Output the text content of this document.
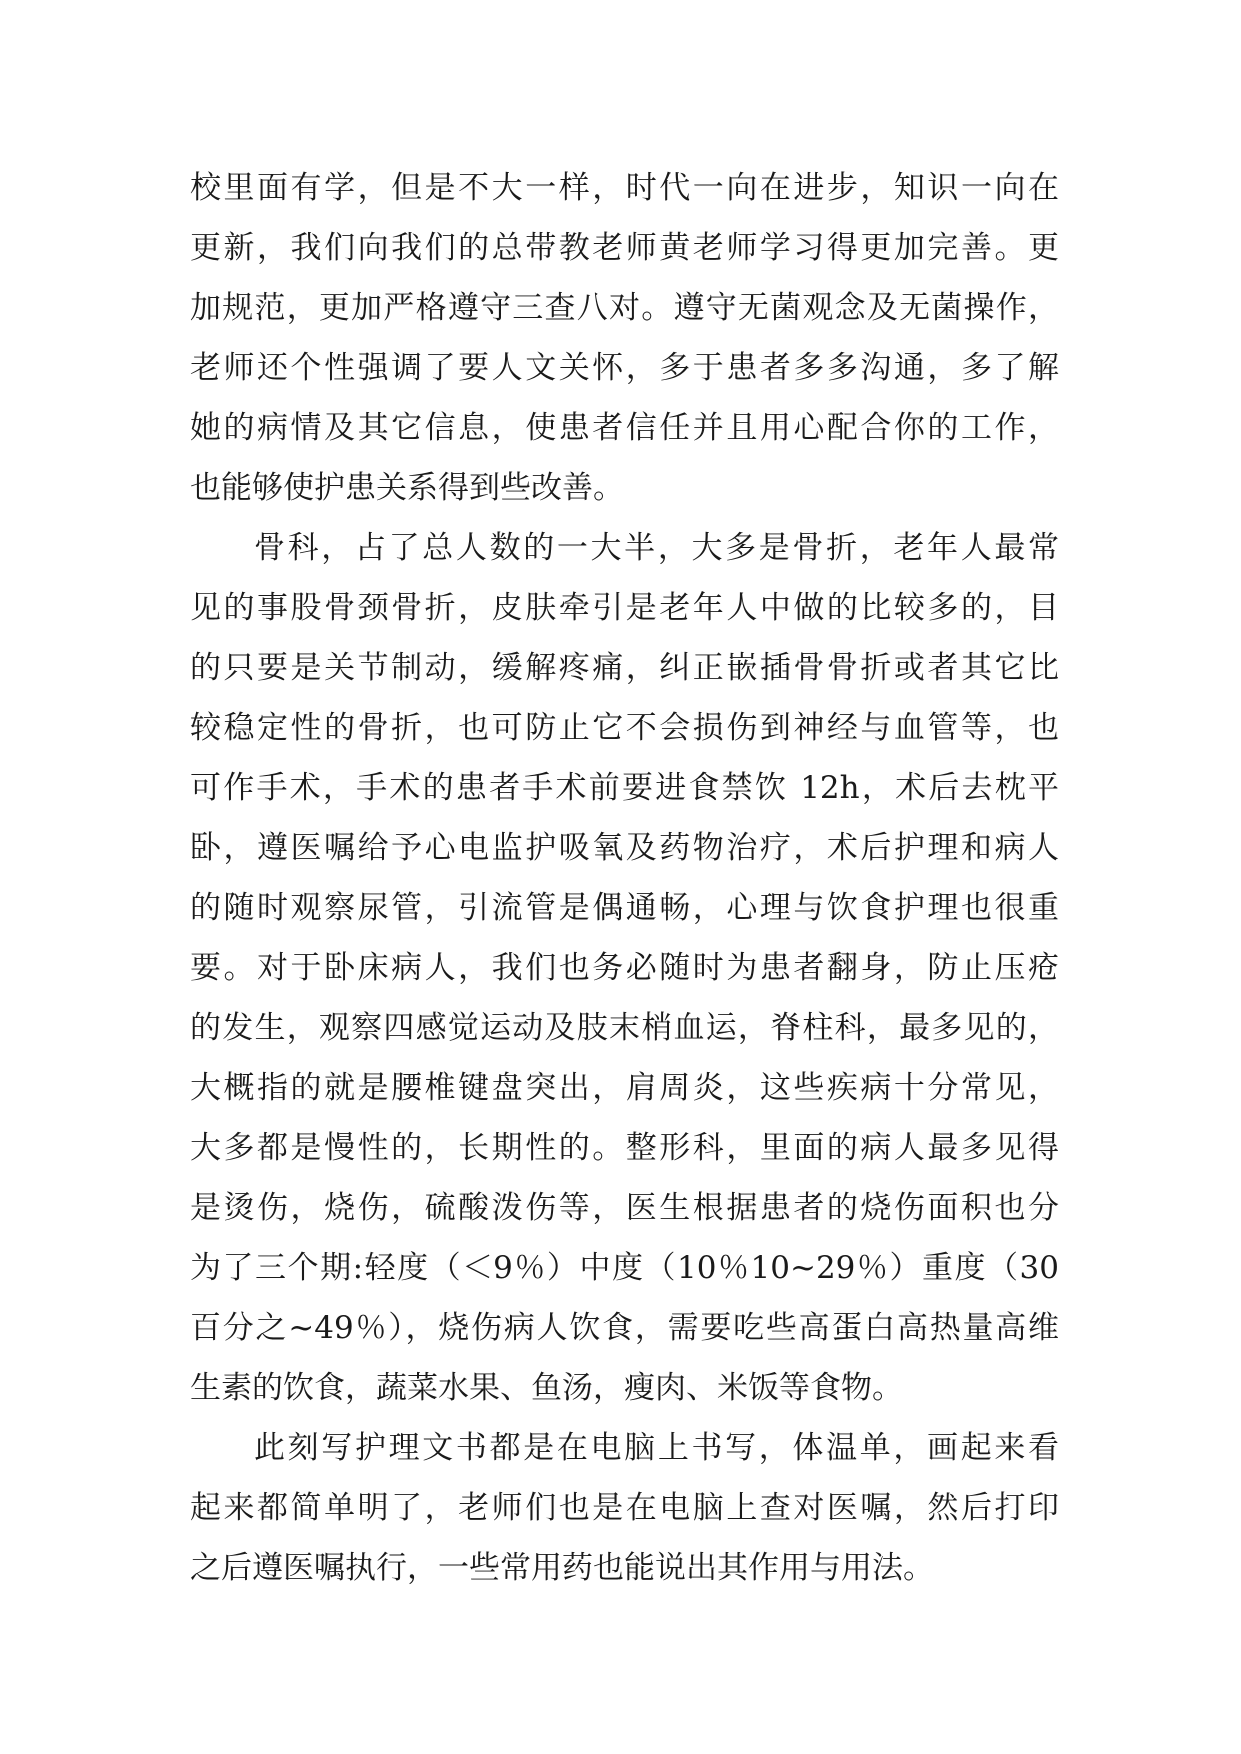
校里面有学，但是不大一样，时代一向在进步，知识一向在
更新，我们向我们的总带教老师黄老师学习得更加完善。更
加规范，更加严格遵守三查八对。遵守无菌观念及无菌操作，
老师还个性强调了要人文关怀，多于患者多多沟通，多了解
她的病情及其它信息，使患者信任并且用心配合你的工作，
也能够使护患关系得到些改善。
骨科，占了总人数的一大半，大多是骨折，老年人最常
见的事股骨颈骨折，皮肤牵引是老年人中做的比较多的，目
的只要是关节制动，缓解疼痛，纠正嵌插骨骨折或者其它比
较稳定性的骨折，也可防止它不会损伤到神经与血管等，也
可作手术，手术的患者手术前要进食禁饮 12h，术后去枕平
卧，遵医嘱给予心电监护吸氧及药物治疗，术后护理和病人
的随时观察尿管，引流管是偶通畅，心理与饮食护理也很重
要。对于卧床病人，我们也务必随时为患者翻身，防止压疮
的发生，观察四感觉运动及肢末梢血运，脊柱科，最多见的，
大概指的就是腰椎键盘突出，肩周炎，这些疾病十分常见，
大多都是慢性的，长期性的。整形科，里面的病人最多见得
是烫伤，烧伤，硫酸泼伤等，医生根据患者的烧伤面积也分
为了三个期:轻度（＜9％）中度（10％10~29％）重度（30
百分之~49％），烧伤病人饮食，需要吃些高蛋白高热量高维
生素的饮食，蔬菜水果、鱼汤，瘦肉、米饭等食物。
此刻写护理文书都是在电脑上书写，体温单，画起来看
起来都简单明了，老师们也是在电脑上查对医嘱，然后打印
之后遵医嘱执行，一些常用药也能说出其作用与用法。
